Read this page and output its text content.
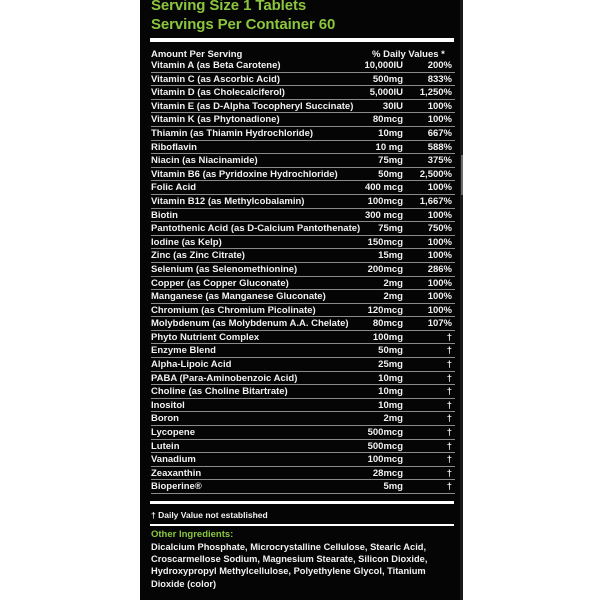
Serving Size 1 Tablets
Servings Per Container 60
Amount Per Serving	% Daily Values *
Vitamin A (as Beta Carotene)	10,000IU	200%
Vitamin C (as Ascorbic Acid)	500mg	833%
Vitamin D (as Cholecalciferol)	5,000IU 1,250%
Vitamin E (as D-Alpha Tocopheryl Succinate)	30IU	100%
Vitamin K (as Phytonadione)	80mcg	100%
Thiamin (as Thiamin Hydrochloride)	10mg	667%
Riboflavin	10 mg	588%
Niacin (as Niacinamide)	75mg	375%
Vitamin B6 (as Pyridoxine Hydrochloride)	50mg 2,500%
Folic Acid	400 mcg	100%
Vitamin B12 (as Methylcobalamin)	100mcg 1,667%
Biotin	300 mcg	100%
Pantothenic Acid (as D-Calcium Pantothenate) 75mg	750%
Iodine (as Kelp)	150mcg	100%
Zinc (as Zinc Citrate)	15mg	100%
Selenium (as Selenomethionine)	200mcg	286%
Copper (as Copper Gluconate)	2mg	100%
Manganese (as Manganese Gluconate)	2mg	100%
Chromium (as Chromium Picolinate)	120mcg	100%
Molybdenum (as Molybdenum A.A. Chelate)	80mcg	107%
Phyto Nutrient Complex	100mg	†
Enzyme Blend	50mg	†
Alpha-Lipoic Acid	25mg	†
PABA (Para-Aminobenzoic Acid)	10mg	†
Choline (as Choline Bitartrate)	10mg	†
Inositol	10mg	†
Boron	2mg	†
Lycopene	500mcg	†
Lutein	500mcg	†
Vanadium	100mcg	†
Zeaxanthin	28mcg	†
Bioperine®	5mg	†
† Daily Value not established
Other Ingredients:
Dicalcium Phosphate, Microcrystalline Cellulose, Stearic Acid, Croscarmellose Sodium, Magnesium Stearate, Silicon Dioxide, Hydroxypropyl Methylcellulose, Polyethylene Glycol, Titanium Dioxide (color)
